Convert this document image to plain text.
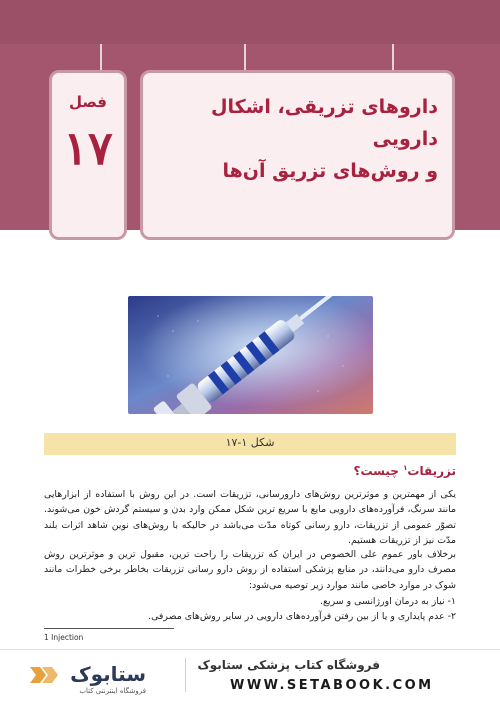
فصل
۱۷
داروهای تزریقی، اشکال دارویی
و روش‌های تزریق آن‌ها
شکل ۱-۱۷
تزریقات$^۱$ چیست؟
یکی از مهمترین و موثرترین روش‌های دارورسانی، تزریقات است. در این روش با استفاده از ابزارهایی مانند سرنگ، فرآورده‌های دارویی مایع با سریع ترین شکل ممکن وارد بدن و سیستم گردش خون می‌شوند. تصوّر عمومی از تزریقات، دارو رسانی کوتاه مدّت می‌باشد در حالیکه با روش‌های نوین شاهد اثرات بلند مدّت نیز از تزریقات هستیم.
برخلاف باور عموم علی الخصوص در ایران که تزریقات را راحت ترین، مقبول ترین و موثرترین روش مصرف دارو می‌دانند، در منابع پزشکی استفاده از روش دارو رسانی تزریقات بخاطر برخی خطرات مانند شوک در موارد خاصی مانند موارد زیر توصیه می‌شود:
۱- نیاز به درمان اورژانسی و سریع.
۲- عدم پایداری و یا از بین رفتن فرآورده‌های دارویی در سایر روش‌های مصرفی.
1 Injection
ستابوک
فروشگاه اینترنتی کتاب
فروشگاه کتاب پزشکی ستابوک
WWW.SETABOOK.COM
